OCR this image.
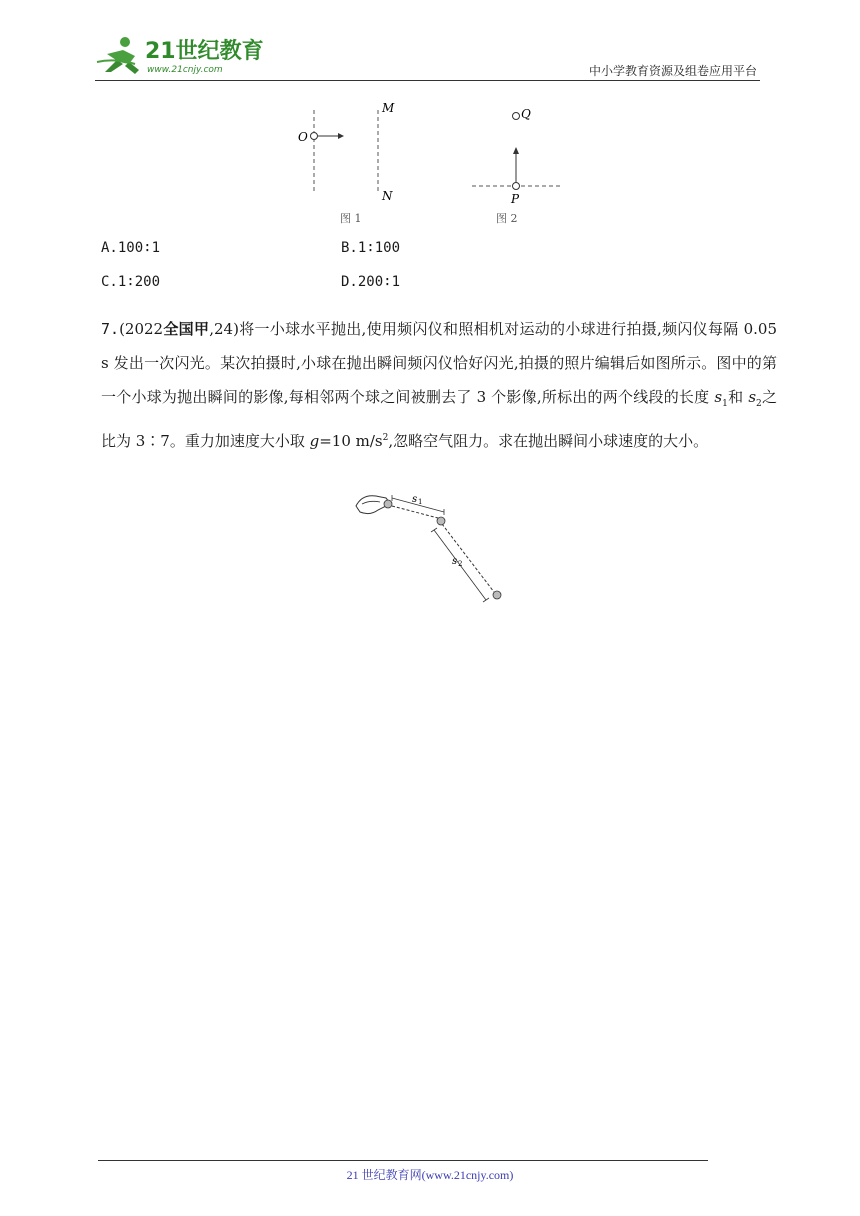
21世纪教育
www.21cnjy.com	中小学教育资源及组卷应用平台
O
M
N
图 1
Q
P
图 2
A.100∶1	B.1∶100
C.1∶200	D.200∶1
7.(2022全国甲,24)将一小球水平抛出,使用频闪仪和照相机对运动的小球进行拍摄,频闪仪每隔 0.05 s 发出一次闪光。某次拍摄时,小球在抛出瞬间频闪仪恰好闪光,拍摄的照片编辑后如图所示。图中的第一个小球为抛出瞬间的影像,每相邻两个球之间被删去了 3 个影像,所标出的两个线段的长度 $s_1$和 $s_2$之比为 3∶7。重力加速度大小取 g=10 $m/s^2$,忽略空气阻力。求在抛出瞬间小球速度的大小。
s 1
s 2
21 世纪教育网(www.21cnjy.com)
